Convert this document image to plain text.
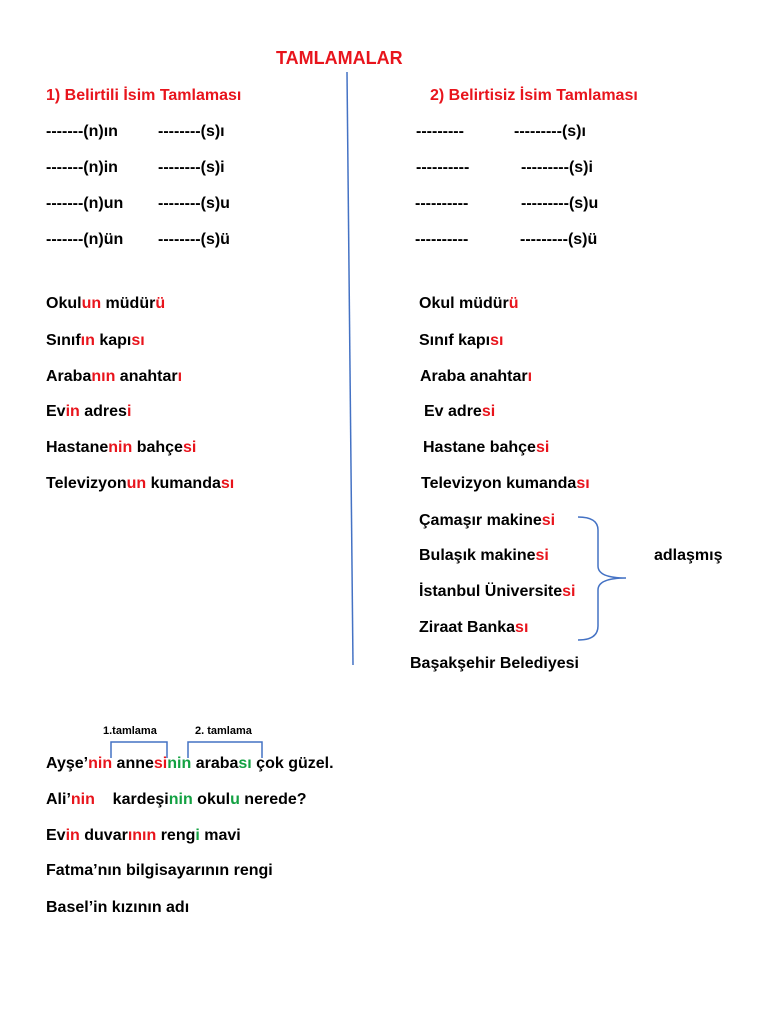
TAMLAMALAR
1) Belirtili İsim Tamlaması	2) Belirtisiz İsim Tamlaması
1.tamlama	2. tamlama
adlaşmış
Başakşehir Belediyesi
-------(n)ın	--------(s)ı
-------(n)in	--------(s)i
-------(n)un --------(s)u
-------(n)ün --------(s)ü
---------	---------(s)ı
----------	---------(s)i
----------	---------(s)u
----------	---------(s)ü
Okulun müdürü
Sınıfın kapısı
Arabanın anahtarı
Evin adresi
Hastanenin bahçesi
Televizyonun kumandası
Okul müdürü
Sınıf kapısı
Araba anahtarı
Ev adresi
Hastane bahçesi
Televizyon kumandası
Çamaşır makinesi
Bulaşık makinesi
İstanbul Üniversitesi
Ziraat Bankası
Ayşe’nin annesinin arabası çok güzel.
Ali’nin    kardeşinin okulu nerede?
Evin duvarının rengi mavi
Fatma’nın bilgisayarının rengi
Basel’in kızının adı
